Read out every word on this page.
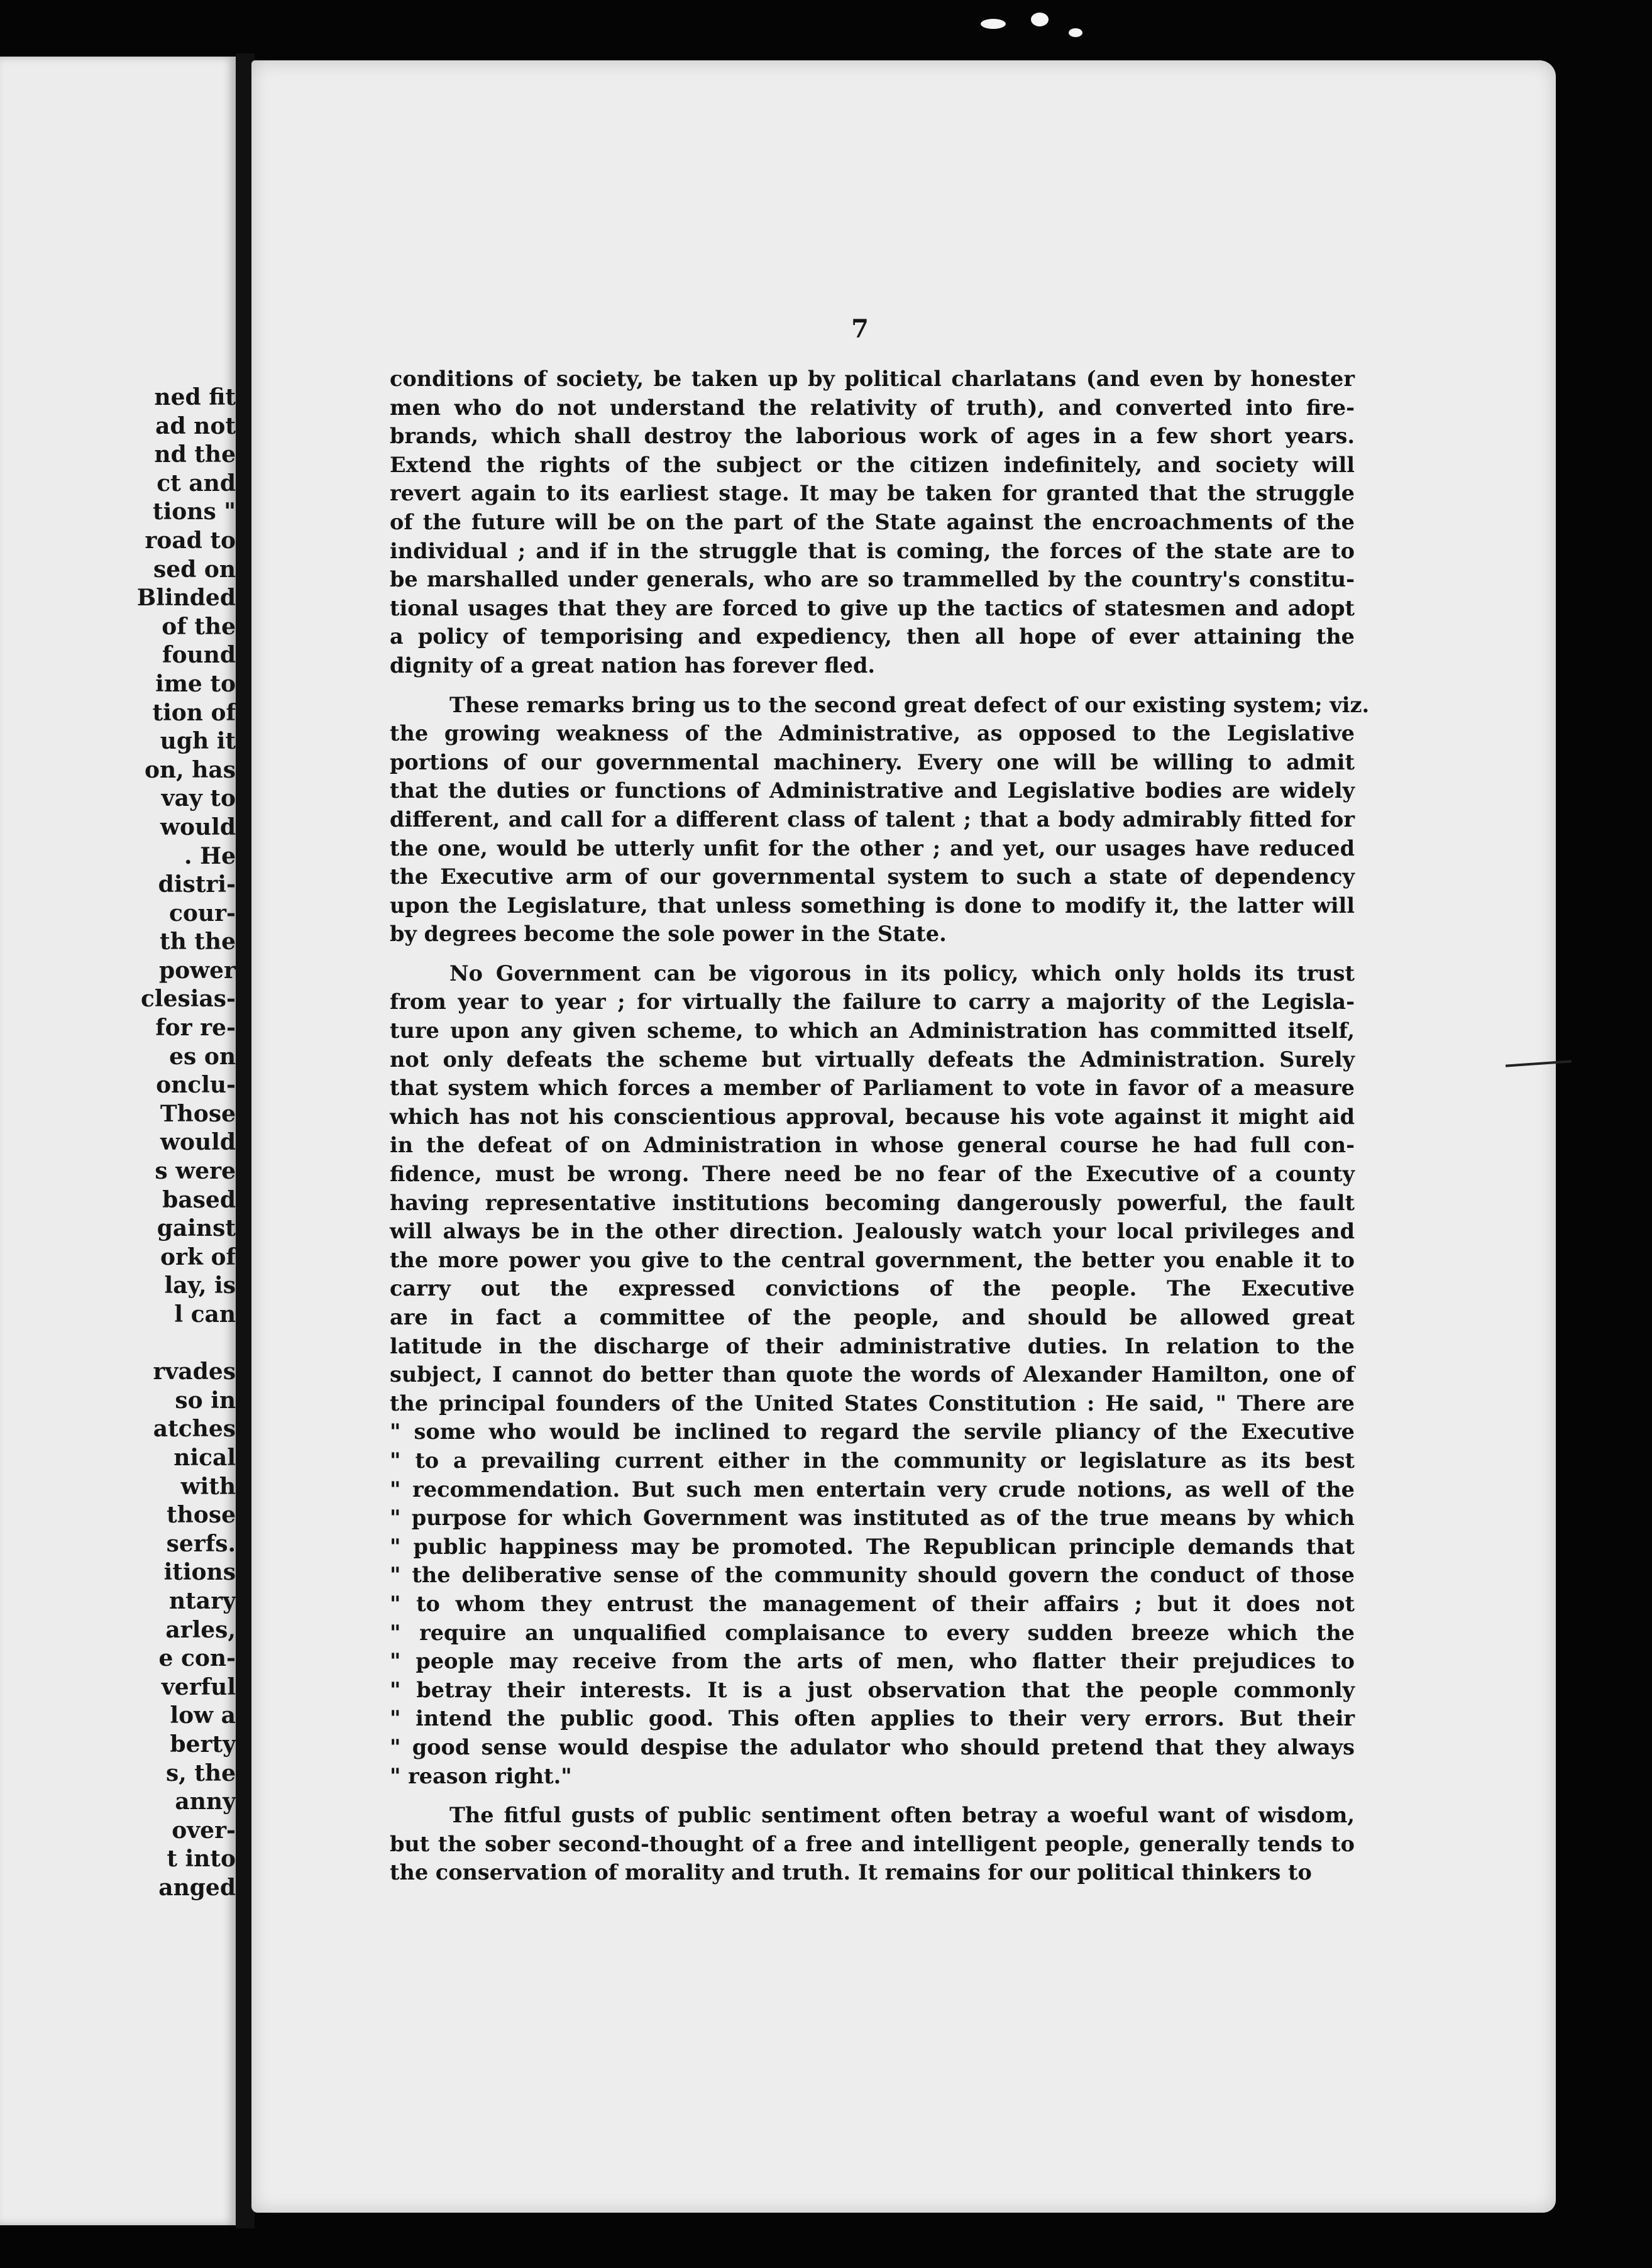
ned fit
ad not
nd the
ct and
tions "
road to
sed on
Blinded
of the
found
ime to
tion of
ugh it
on, has
vay to
would
. He
distri-
cour-
th the
power
clesias-
for re-
es on
onclu-
Those
would
s were
based
gainst
ork of
lay, is
l can
rvades
so in
atches
nical
with
those
serfs.
itions
ntary
arles,
e con-
verful
low a
berty
s, the
anny
over-
t into
anged
7
conditions of society, be taken up by political charlatans (and even by honester
men who do not understand the relativity of truth), and converted into fire-
brands, which shall destroy the laborious work of ages in a few short years.
Extend the rights of the subject or the citizen indefinitely, and society will
revert again to its earliest stage. It may be taken for granted that the struggle
of the future will be on the part of the State against the encroachments of the
individual ; and if in the struggle that is coming, the forces of the state are to
be marshalled under generals, who are so trammelled by the country's constitu-
tional usages that they are forced to give up the tactics of statesmen and adopt
a policy of temporising and expediency, then all hope of ever attaining the
dignity of a great nation has forever fled.
These remarks bring us to the second great defect of our existing system; viz.
the growing weakness of the Administrative, as opposed to the Legislative
portions of our governmental machinery. Every one will be willing to admit
that the duties or functions of Administrative and Legislative bodies are widely
different, and call for a different class of talent ; that a body admirably fitted for
the one, would be utterly unfit for the other ; and yet, our usages have reduced
the Executive arm of our governmental system to such a state of dependency
upon the Legislature, that unless something is done to modify it, the latter will
by degrees become the sole power in the State.
No Government can be vigorous in its policy, which only holds its trust
from year to year ; for virtually the failure to carry a majority of the Legisla-
ture upon any given scheme, to which an Administration has committed itself,
not only defeats the scheme but virtually defeats the Administration. Surely
that system which forces a member of Parliament to vote in favor of a measure
which has not his conscientious approval, because his vote against it might aid
in the defeat of on Administration in whose general course he had full con-
fidence, must be wrong. There need be no fear of the Executive of a county
having representative institutions becoming dangerously powerful, the fault
will always be in the other direction. Jealously watch your local privileges and
the more power you give to the central government, the better you enable it to
carry out the expressed convictions of the people. The Executive
are in fact a committee of the people, and should be allowed great
latitude in the discharge of their administrative duties. In relation to the
subject, I cannot do better than quote the words of Alexander Hamilton, one of
the principal founders of the United States Constitution : He said, " There are
" some who would be inclined to regard the servile pliancy of the Executive
" to a prevailing current either in the community or legislature as its best
" recommendation. But such men entertain very crude notions, as well of the
" purpose for which Government was instituted as of the true means by which
" public happiness may be promoted. The Republican principle demands that
" the deliberative sense of the community should govern the conduct of those
" to whom they entrust the management of their affairs ; but it does not
" require an unqualified complaisance to every sudden breeze which the
" people may receive from the arts of men, who flatter their prejudices to
" betray their interests. It is a just observation that the people commonly
" intend the public good. This often applies to their very errors. But their
" good sense would despise the adulator who should pretend that they always
" reason right."
The fitful gusts of public sentiment often betray a woeful want of wisdom,
but the sober second-thought of a free and intelligent people, generally tends to
the conservation of morality and truth. It remains for our political thinkers to
